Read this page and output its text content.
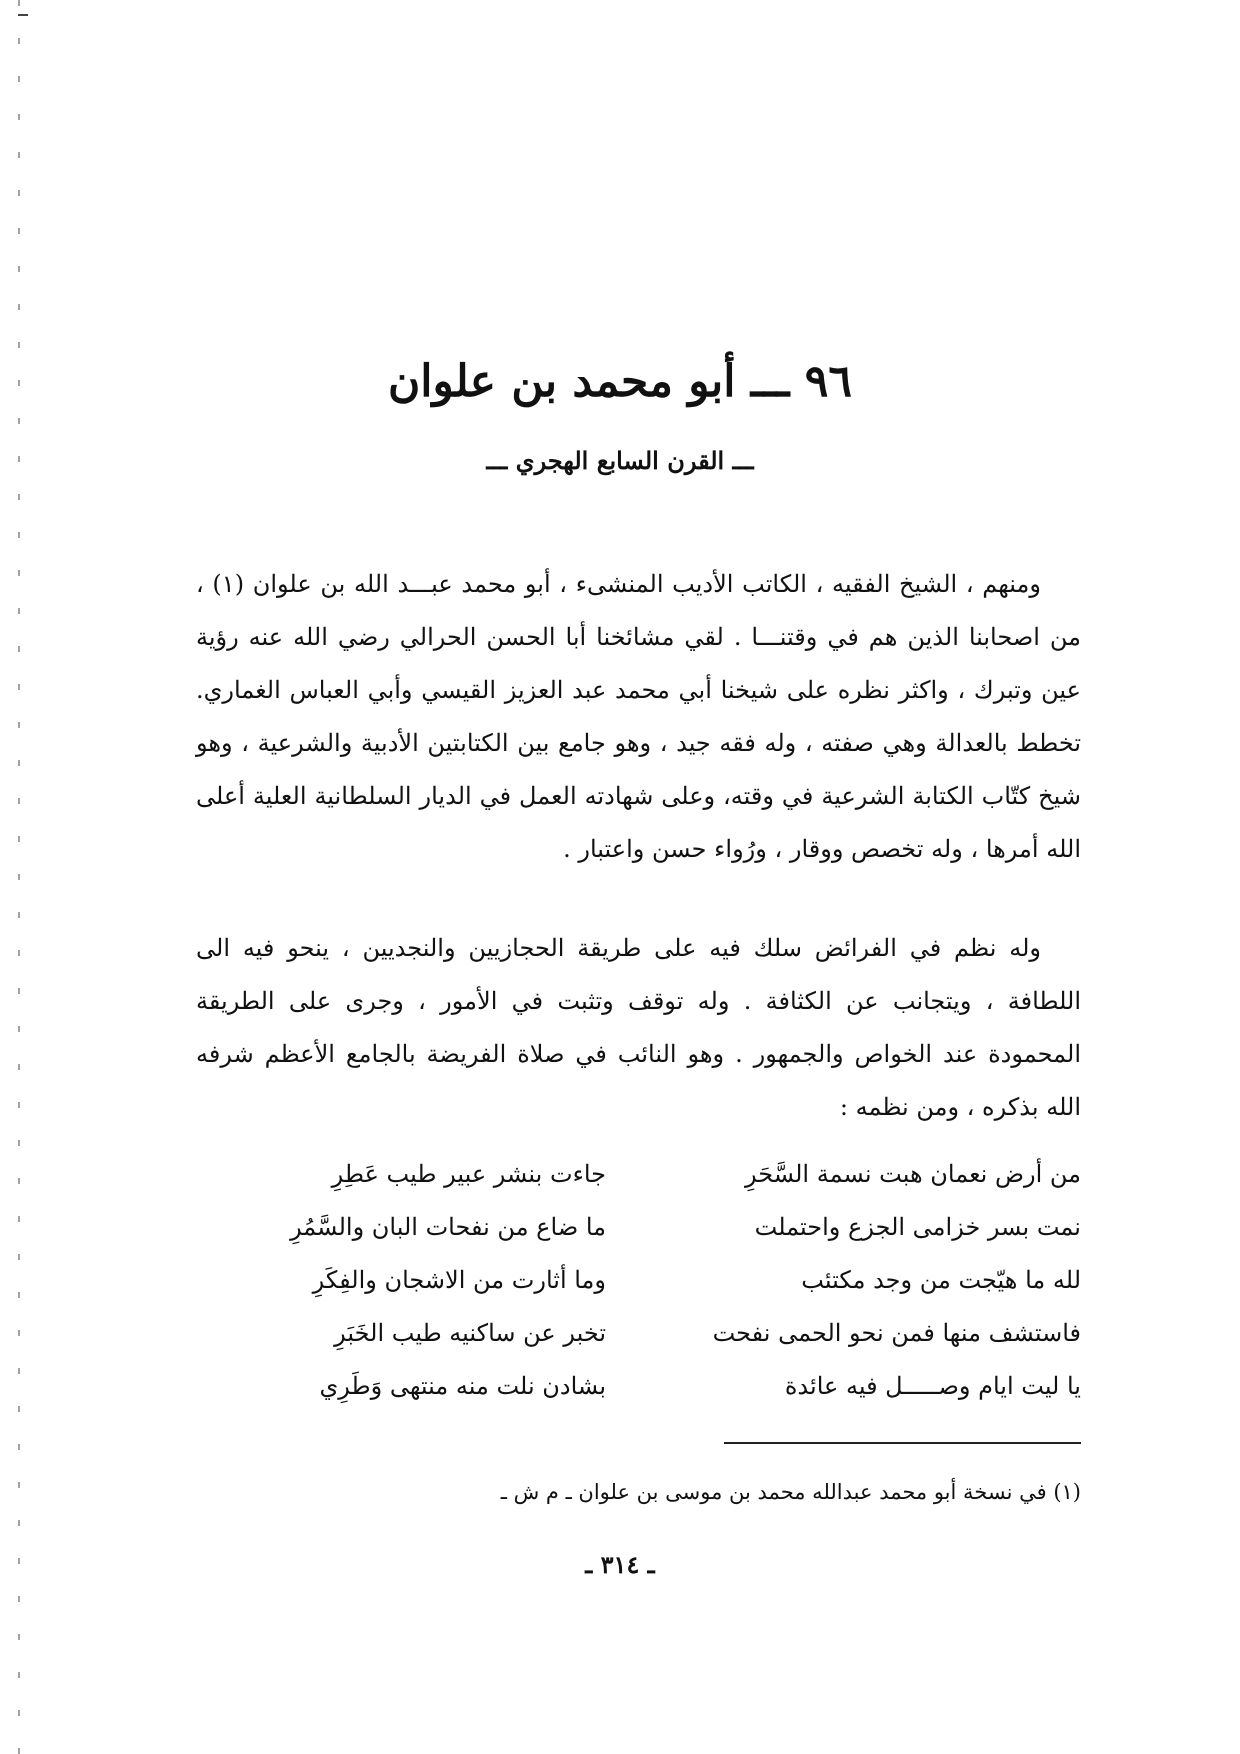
٩٦ ـــ أبو محمد بن علوان
ـــ القرن السابع الهجري ـــ

ومنهم ، الشيخ الفقيه ، الكاتب الأديب المنشىء ، أبو محمد عبـــد الله بن علوان (١) ، من اصحابنا الذين هم في وقتنـــا . لقي مشائخنا أبا الحسن الحرالي رضي الله عنه رؤية عين وتبرك ، واكثر نظره على شيخنا أبي محمد عبد العزيز القيسي وأبي العباس الغماري. تخطط بالعدالة وهي صفته ، وله فقه جيد ، وهو جامع بين الكتابتين الأدبية والشرعية ، وهو شيخ كتّاب الكتابة الشرعية في وقته، وعلى شهادته العمل في الديار السلطانية العلية أعلى الله أمرها ، وله تخصص ووقار ، ورُواء حسن واعتبار .

وله نظم في الفرائض سلك فيه على طريقة الحجازيين والنجديين ، ينحو فيه الى اللطافة ، ويتجانب عن الكثافة . وله توقف وتثبت في الأمور ، وجرى على الطريقة المحمودة عند الخواص والجمهور . وهو النائب في صلاة الفريضة بالجامع الأعظم شرفه الله بذكره ، ومن نظمه :

من أرض نعمان هبت نسمة السَّحَرِ
جاءت بنشر عبير طيب عَطِرِ
نمت بسر خزامى الجزع واحتملت
ما ضاع من نفحات البان والسَّمُرِ
لله ما هيّجت من وجد مكتئب
وما أثارت من الاشجان والفِكَرِ
فاستشف منها فمن نحو الحمى نفحت
تخبر عن ساكنيه طيب الخَبَرِ
يا ليت ايام وصـــــل فيه عائدة
بشادن نلت منه منتهى وَطَرِي

(١) في نسخة أبو محمد عبدالله محمد بن موسى بن علوان ـ م ش ـ

ـ ٣١٤ ـ
